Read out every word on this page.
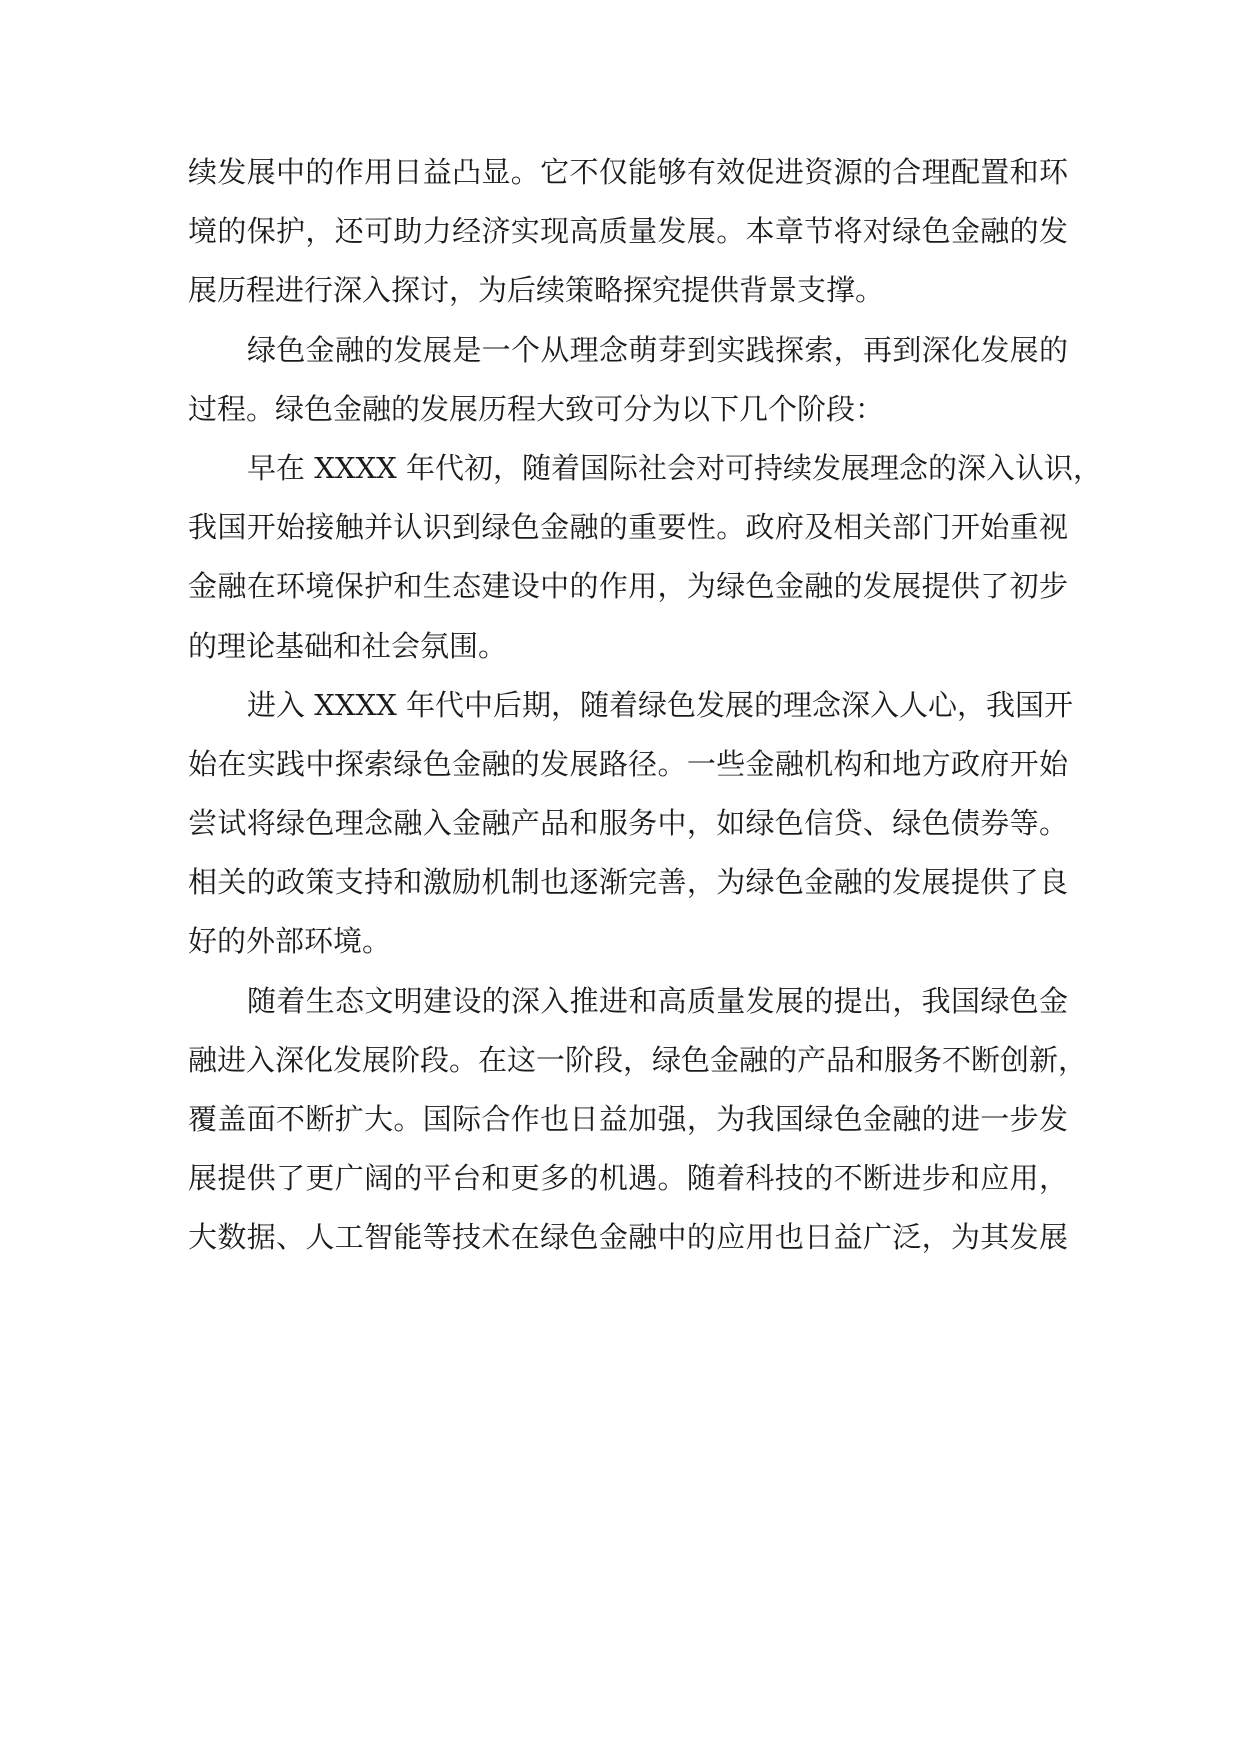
续发展中的作用日益凸显。它不仅能够有效促进资源的合理配置和环
境的保护，还可助力经济实现高质量发展。本章节将对绿色金融的发
展历程进行深入探讨，为后续策略探究提供背景支撑。
绿色金融的发展是一个从理念萌芽到实践探索，再到深化发展的
过程。绿色金融的发展历程大致可分为以下几个阶段：
早在 XXXX 年代初，随着国际社会对可持续发展理念的深入认识，
我国开始接触并认识到绿色金融的重要性。政府及相关部门开始重视
金融在环境保护和生态建设中的作用，为绿色金融的发展提供了初步
的理论基础和社会氛围。
进入 XXXX 年代中后期，随着绿色发展的理念深入人心，我国开
始在实践中探索绿色金融的发展路径。一些金融机构和地方政府开始
尝试将绿色理念融入金融产品和服务中，如绿色信贷、绿色债券等。
相关的政策支持和激励机制也逐渐完善，为绿色金融的发展提供了良
好的外部环境。
随着生态文明建设的深入推进和高质量发展的提出，我国绿色金
融进入深化发展阶段。在这一阶段，绿色金融的产品和服务不断创新，
覆盖面不断扩大。国际合作也日益加强，为我国绿色金融的进一步发
展提供了更广阔的平台和更多的机遇。随着科技的不断进步和应用，
大数据、人工智能等技术在绿色金融中的应用也日益广泛，为其发展
